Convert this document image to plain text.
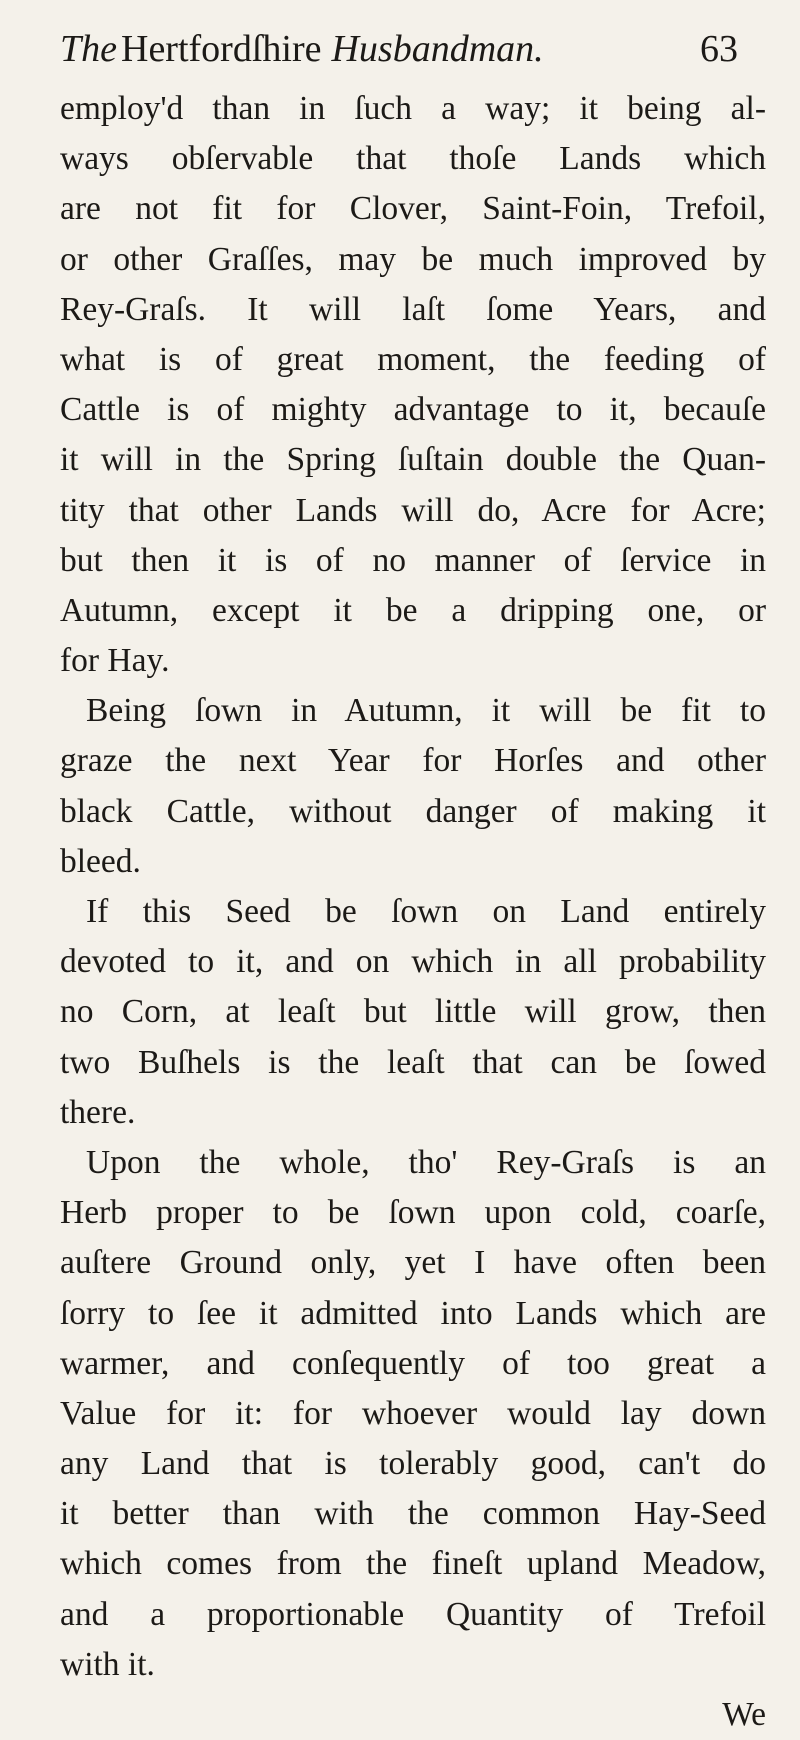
The Hertfordſhire Husbandman.	63
employ'd than in ſuch a way; it being al-
ways obſervable that thoſe Lands which
are not fit for Clover, Saint-Foin, Trefoil,
or other Graſſes, may be much improved by
Rey-Graſs. It will laſt ſome Years, and
what is of great moment, the feeding of
Cattle is of mighty advantage to it, becauſe
it will in the Spring ſuſtain double the Quan-
tity that other Lands will do, Acre for Acre;
but then it is of no manner of ſervice in
Autumn, except it be a dripping one, or
for Hay.
Being ſown in Autumn, it will be fit to
graze the next Year for Horſes and other
black Cattle, without danger of making it
bleed.
If this Seed be ſown on Land entirely
devoted to it, and on which in all probability
no Corn, at leaſt but little will grow, then
two Buſhels is the leaſt that can be ſowed
there.
Upon the whole, tho' Rey-Graſs is an
Herb proper to be ſown upon cold, coarſe,
auſtere Ground only, yet I have often been
ſorry to ſee it admitted into Lands which are
warmer, and conſequently of too great a
Value for it: for whoever would lay down
any Land that is tolerably good, can't do
it better than with the common Hay-Seed
which comes from the fineſt upland Meadow,
and a proportionable Quantity of Trefoil
with it.
We
